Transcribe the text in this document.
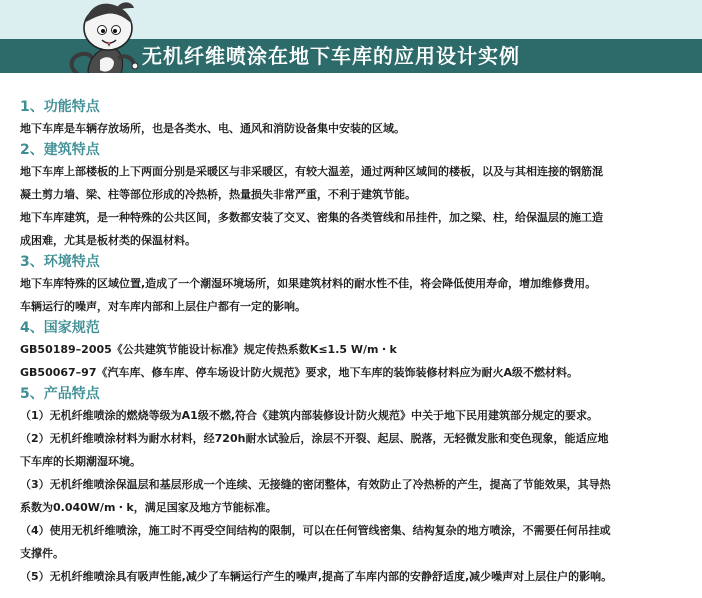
无机纤维喷涂在地下车库的应用设计实例
1、功能特点
地下车库是车辆存放场所，也是各类水、电、通风和消防设备集中安装的区域。
2、建筑特点
地下车库上部楼板的上下两面分别是采暖区与非采暖区，有较大温差，通过两种区域间的楼板，以及与其相连接的钢筋混
凝土剪力墙、梁、柱等部位形成的冷热桥，热量损失非常严重，不利于建筑节能。
地下车库建筑，是一种特殊的公共区间，多数都安装了交叉、密集的各类管线和吊挂件，加之梁、柱，给保温层的施工造
成困难，尤其是板材类的保温材料。
3、环境特点
地下车库特殊的区域位置,造成了一个潮湿环境场所，如果建筑材料的耐水性不佳，将会降低使用寿命，增加维修费用。
车辆运行的噪声，对车库内部和上层住户都有一定的影响。
4、国家规范
GB50189–2005《公共建筑节能设计标准》规定传热系数K≤1.5 W/m・k
GB50067–97《汽车库、修车库、停车场设计防火规范》要求，地下车库的装饰装修材料应为耐火A级不燃材料。
5、产品特点
（1）无机纤维喷涂的燃烧等级为A1级不燃,符合《建筑内部装修设计防火规范》中关于地下民用建筑部分规定的要求。
（2）无机纤维喷涂材料为耐水材料，经720h耐水试验后，涂层不开裂、起层、脱落，无轻微发胀和变色现象，能适应地
下车库的长期潮湿环境。
（3）无机纤维喷涂保温层和基层形成一个连续、无接缝的密闭整体，有效防止了冷热桥的产生，提高了节能效果，其导热
系数为0.040W/m・k，满足国家及地方节能标准。
（4）使用无机纤维喷涂，施工时不再受空间结构的限制，可以在任何管线密集、结构复杂的地方喷涂，不需要任何吊挂或
支撑件。
（5）无机纤维喷涂具有吸声性能,减少了车辆运行产生的噪声,提高了车库内部的安静舒适度,减少噪声对上层住户的影响。
